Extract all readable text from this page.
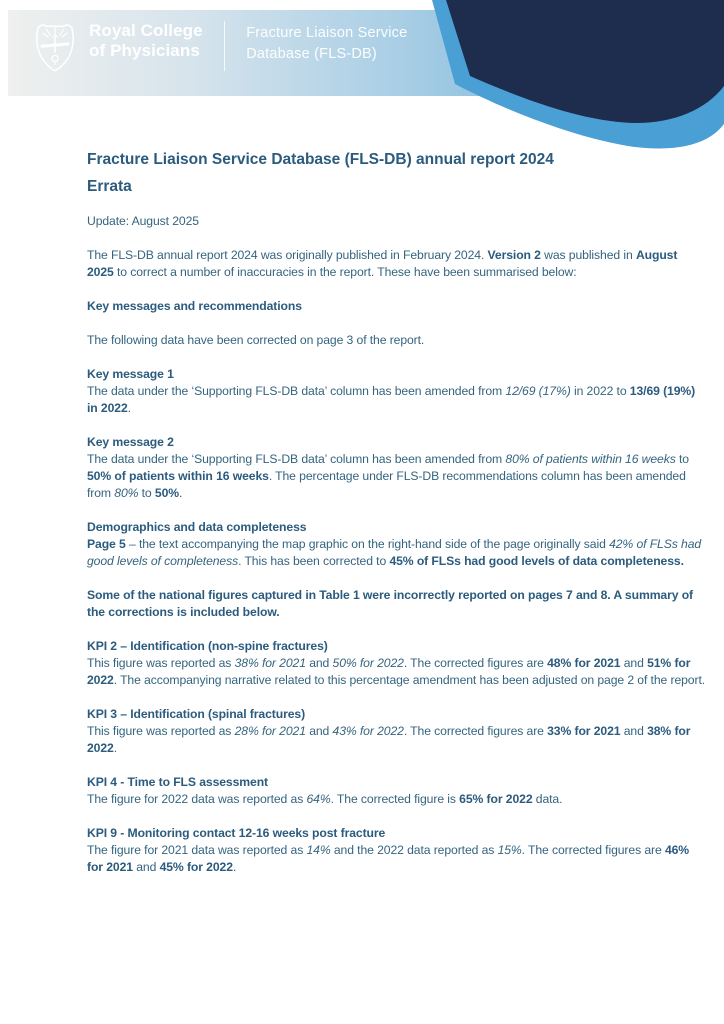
Royal College
of Physicians
Fracture Liaison Service
Database (FLS-DB)
Fracture Liaison Service Database (FLS-DB) annual report 2024
Errata

Update: August 2025

The FLS-DB annual report 2024 was originally published in February 2024. Version 2 was published in August 2025 to correct a number of inaccuracies in the report. These have been summarised below:

Key messages and recommendations

The following data have been corrected on page 3 of the report.

Key message 1
The data under the ‘Supporting FLS-DB data’ column has been amended from 12/69 (17%) in 2022 to 13/69 (19%) in 2022.

Key message 2
The data under the ‘Supporting FLS-DB data’ column has been amended from 80% of patients within 16 weeks to 50% of patients within 16 weeks. The percentage under FLS-DB recommendations column has been amended from 80% to 50%.

Demographics and data completeness
Page 5 – the text accompanying the map graphic on the right-hand side of the page originally said 42% of FLSs had good levels of completeness. This has been corrected to 45% of FLSs had good levels of data completeness.

Some of the national figures captured in Table 1 were incorrectly reported on pages 7 and 8. A summary of the corrections is included below.

KPI 2 – Identification (non-spine fractures)
This figure was reported as 38% for 2021 and 50% for 2022. The corrected figures are 48% for 2021 and 51% for 2022. The accompanying narrative related to this percentage amendment has been adjusted on page 2 of the report.

KPI 3 – Identification (spinal fractures)
This figure was reported as 28% for 2021 and 43% for 2022. The corrected figures are 33% for 2021 and 38% for 2022.

KPI 4 - Time to FLS assessment
The figure for 2022 data was reported as 64%. The corrected figure is 65% for 2022 data.

KPI 9 - Monitoring contact 12-16 weeks post fracture
The figure for 2021 data was reported as 14% and the 2022 data reported as 15%. The corrected figures are 46% for 2021 and 45% for 2022.
